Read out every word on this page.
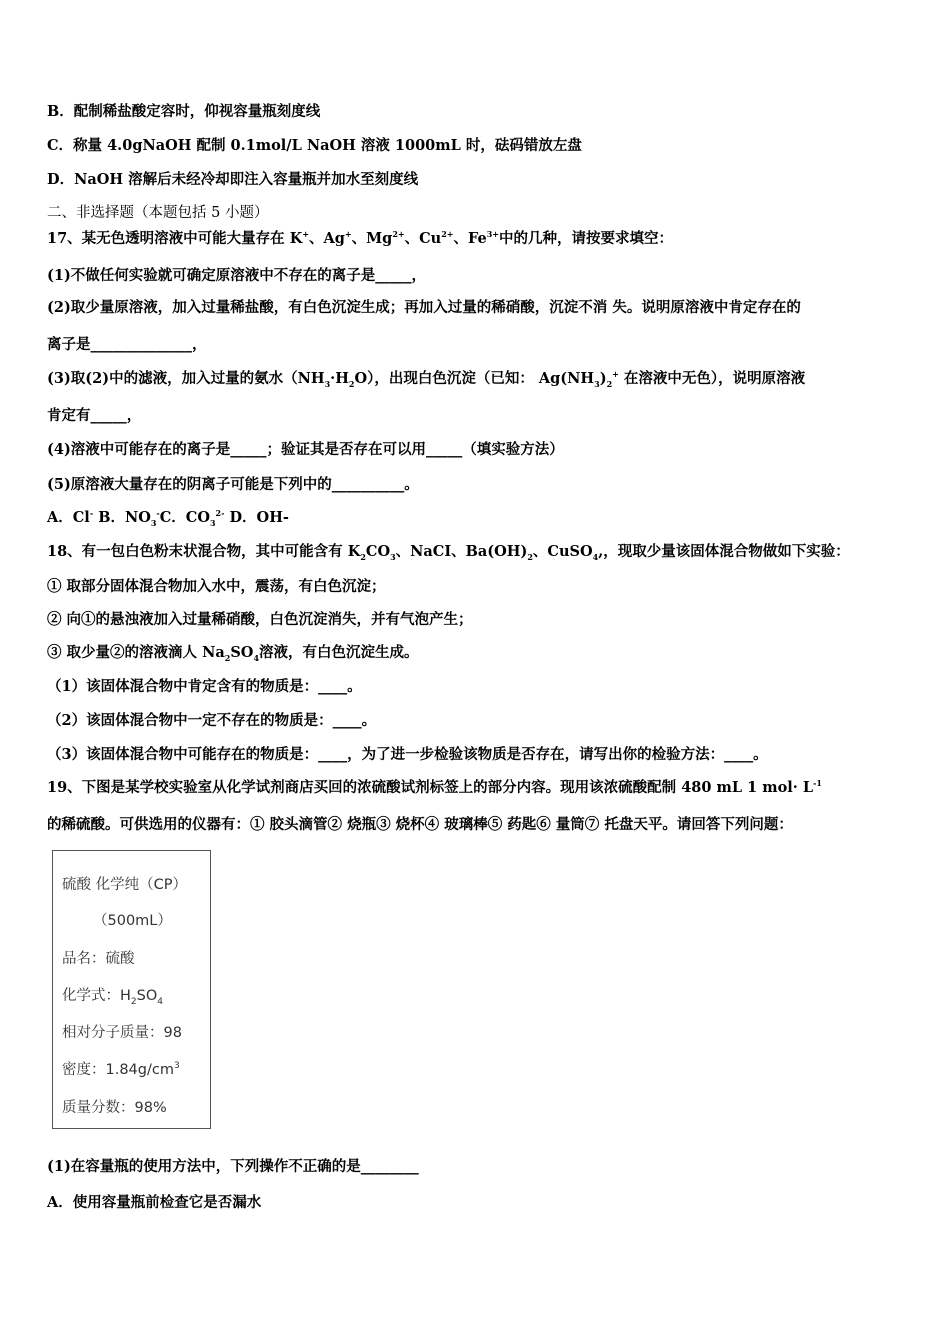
B．配制稀盐酸定容时，仰视容量瓶刻度线
C．称量 4.0gNaOH 配制 0.1mol/L NaOH 溶液 1000mL 时，砝码错放左盘
D．NaOH 溶解后未经冷却即注入容量瓶并加水至刻度线
二、非选择题（本题包括 5 小题）
17、某无色透明溶液中可能大量存在 K+、Ag+、$Mg^{2+}$、$Cu^{2+}$、$Fe^{3+}$中的几种，请按要求填空：
(1)不做任何实验就可确定原溶液中不存在的离子是_____，
(2)取少量原溶液，加入过量稀盐酸，有白色沉淀生成；再加入过量的稀硝酸，沉淀不消 失。说明原溶液中肯定存在的
离子是______________，
(3)取(2)中的滤液，加入过量的氨水$(NH_3\cdot H_2O)$，出现白色沉淀（已知： $Ag(NH_3)_2^+$ 在溶液中无色），说明原溶液
肯定有_____，
(4)溶液中可能存在的离子是_____；验证其是否存在可以用_____（填实验方法）
(5)原溶液大量存在的阴离子可能是下列中的__________。
A．Cl- B．$NO_3^-C$．$CO_3^{2-}$ D．OH-
18、有一包白色粉末状混合物，其中可能含有 $K_2CO_3$、NaCI、$Ba(OH)_2$、CuSO$_4$,，现取少量该固体混合物做如下实验：
① 取部分固体混合物加入水中，震荡，有白色沉淀；
② 向①的悬浊液加入过量稀硝酸，白色沉淀消失，并有气泡产生；
③ 取少量②的溶液滴人 $Na_2SO_4$溶液，有白色沉淀生成。
（1）该固体混合物中肯定含有的物质是：____。
（2）该固体混合物中一定不存在的物质是：____。
（3）该固体混合物中可能存在的物质是：____，为了进一步检验该物质是否存在，请写出你的检验方法：____。
19、下图是某学校实验室从化学试剂商店买回的浓硫酸试剂标签上的部分内容。现用该浓硫酸配制 480 mL 1 $mol\cdot L^{-1}$
的稀硫酸。可供选用的仪器有：① 胶头滴管② 烧瓶③ 烧杯④ 玻璃棒⑤ 药匙⑥ 量筒⑦ 托盘天平。请回答下列问题：
(1)在容量瓶的使用方法中，下列操作不正确的是________
A．使用容量瓶前检查它是否漏水
硫酸 化学纯（CP）
（500mL）
品名：硫酸
化学式：$H_2SO_4$
相对分子质量：98
密度：$1.84g/cm^3$
质量分数：98%
